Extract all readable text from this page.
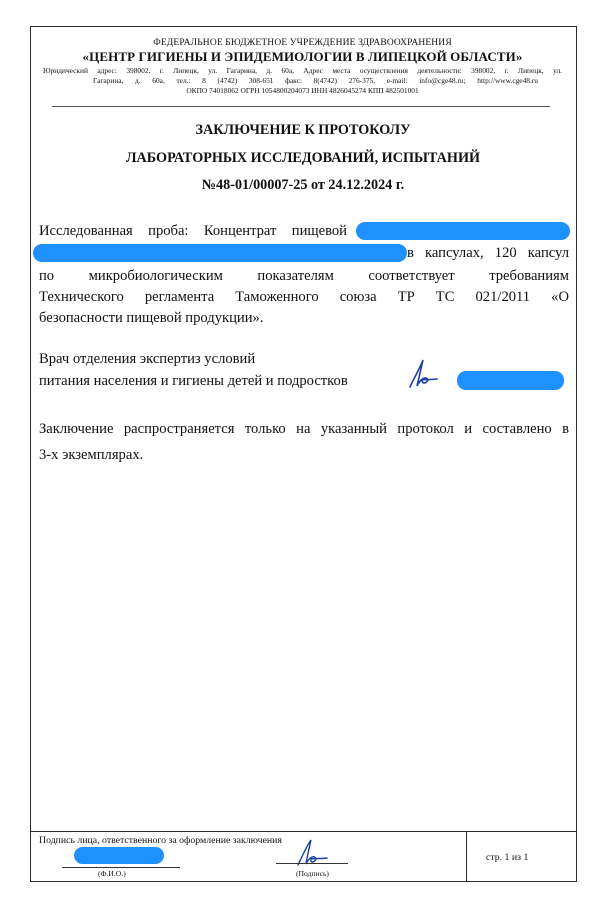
ФЕДЕРАЛЬНОЕ БЮДЖЕТНОЕ УЧРЕЖДЕНИЕ ЗДРАВООХРАНЕНИЯ
«ЦЕНТР ГИГИЕНЫ И ЭПИДЕМИОЛОГИИ В ЛИПЕЦКОЙ ОБЛАСТИ»
Юридический адрес: 398002, г. Липецк, ул. Гагарина, д. 60а, Адрес места осуществления деятельности: 398002, г. Липецк, ул.
Гагарина, д. 60а, тел.: 8 (4742) 308-651 факс: 8(4742) 276-375, e-mail: info@cge48.ru; http://www.cge48.ru
ОКПО 74018062 ОГРН 1054800204073 ИНН 4826045274 КПП 482501001
ЗАКЛЮЧЕНИЕ К ПРОТОКОЛУ
ЛАБОРАТОРНЫХ ИССЛЕДОВАНИЙ, ИСПЫТАНИЙ
№48-01/00007-25 от 24.12.2024 г.
Исследованная проба: Концентрат пищевой
в капсулах, 120 капсул
по микробиологическим показателям соответствует требованиям
Технического регламента Таможенного союза ТР ТС 021/2011 «О
безопасности пищевой продукции».
Врач отделения экспертиз условий
питания населения и гигиены детей и подростков
Заключение распространяется только на указанный протокол и составлено в
3-х экземплярах.
Подпись лица, ответственного за оформление заключения
(Ф.И.О.)	(Подпись)
стр. 1 из 1
